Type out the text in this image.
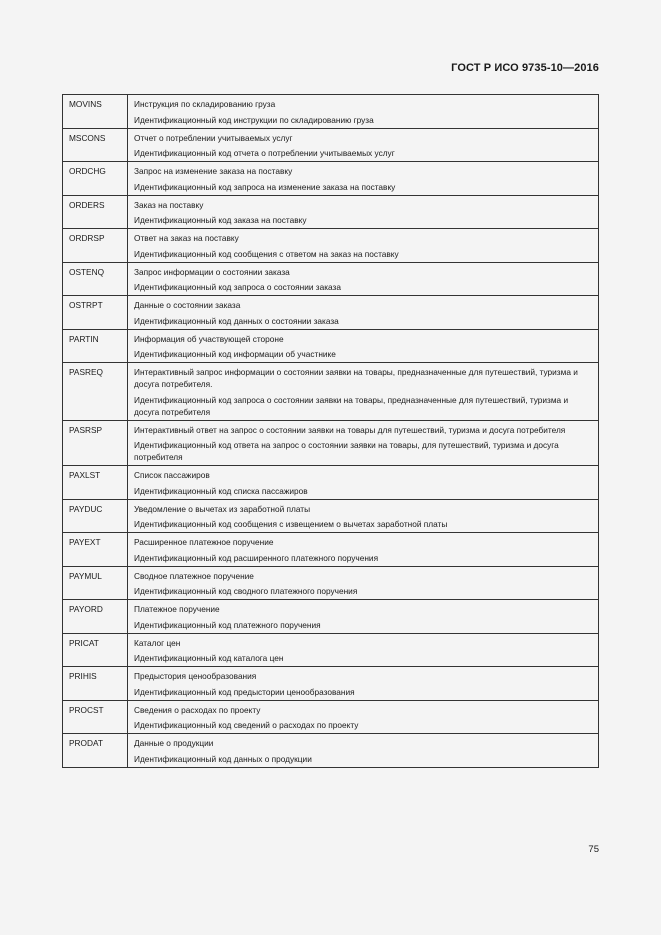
ГОСТ Р ИСО 9735-10—2016
MOVINS	Инструкция по складированию груза

Идентификационный код инструкции по складированию груза

MSCONS	Отчет о потреблении учитываемых услуг

Идентификационный код отчета о потреблении учитываемых услуг

ORDCHG	Запрос на изменение заказа на поставку

Идентификационный код запроса на изменение заказа на поставку

ORDERS	Заказ на поставку

Идентификационный код заказа на поставку

ORDRSP	Ответ на заказ на поставку

Идентификационный код сообщения с ответом на заказ на поставку

OSTENQ	Запрос информации о состоянии заказа

Идентификационный код запроса о состоянии заказа

OSTRPT	Данные о состоянии заказа

Идентификационный код данных о состоянии заказа

PARTIN	Информация об участвующей стороне

Идентификационный код информации об участнике

PASREQ	Интерактивный запрос информации о состоянии заявки на товары, предназначенные для путешествий, туризма и досуга потребителя.

Идентификационный код запроса о состоянии заявки на товары, предназначенные для путешествий, туризма и досуга потребителя

PASRSP	Интерактивный ответ на запрос о состоянии заявки на товары для путешествий, туризма и досуга потребителя

Идентификационный код ответа на запрос о состоянии заявки на товары, для путешествий, туризма и досуга потребителя

PAXLST	Список пассажиров

Идентификационный код списка пассажиров

PAYDUC	Уведомление о вычетах из заработной платы

Идентификационный код сообщения с извещением о вычетах заработной платы

PAYEXT	Расширенное платежное поручение

Идентификационный код расширенного платежного поручения

PAYMUL	Сводное платежное поручение

Идентификационный код сводного платежного поручения

PAYORD	Платежное поручение

Идентификационный код платежного поручения

PRICAT	Каталог цен

Идентификационный код каталога цен

PRIHIS	Предыстория ценообразования

Идентификационный код предыстории ценообразования

PROCST	Сведения о расходах по проекту

Идентификационный код сведений о расходах по проекту

PRODAT	Данные о продукции

Идентификационный код данных о продукции

75
